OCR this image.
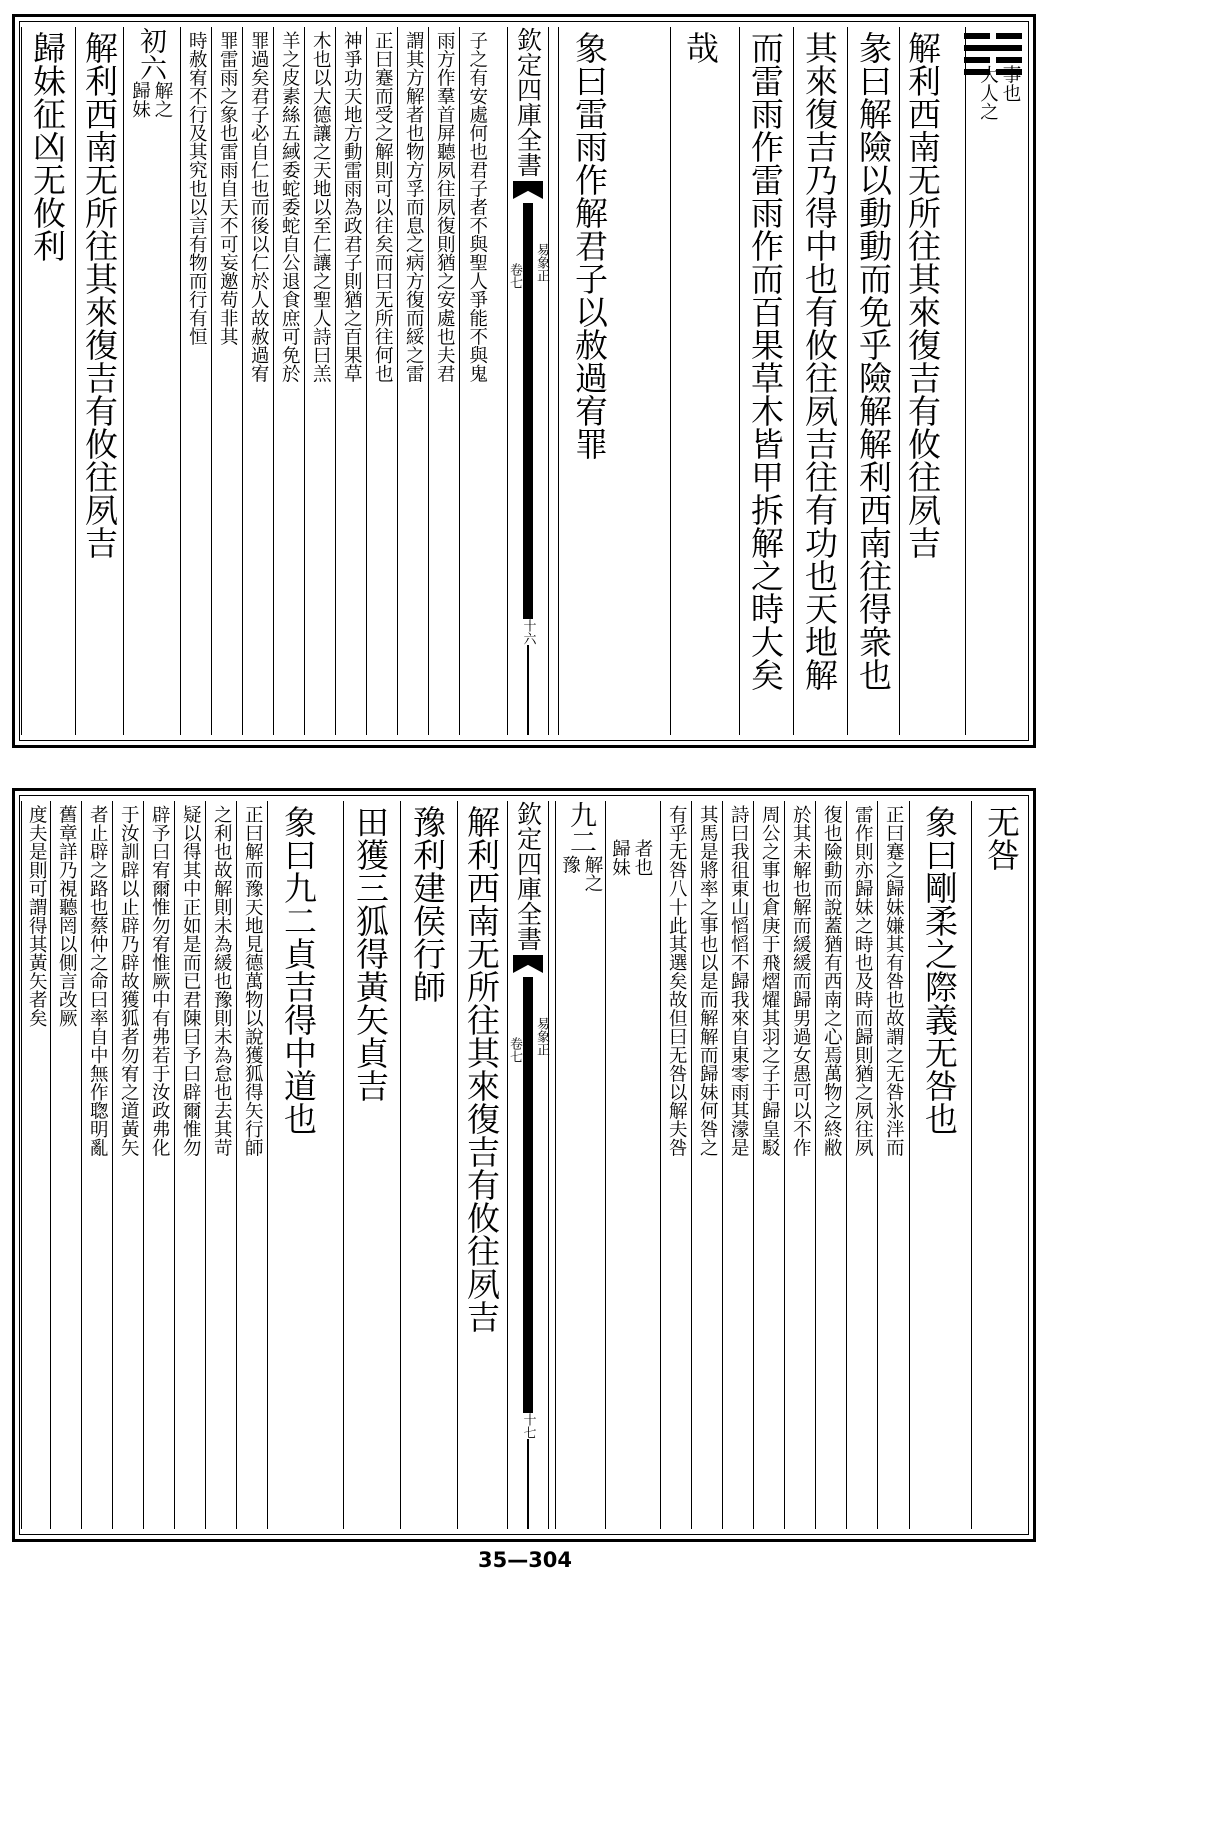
欽定四庫全書
卷七 易象正
十六
事也
大人之
解利西南无所往其來復吉有攸往夙吉
彖曰解險以動動而免乎險解解利西南往得衆也
其來復吉乃得中也有攸往夙吉往有功也天地解
而雷雨作雷雨作而百果草木皆甲拆解之時大矣
哉
象曰雷雨作解君子以赦過宥罪
子之有安處何也君子者不與聖人爭能不與鬼
雨方作羣首屏聽夙往夙復則猶之安處也夫君
謂其方解者也物方孚而息之病方復而綏之雷
正曰蹇而受之解則可以往矣而曰无所往何也
神爭功天地方動雷雨為政君子則猶之百果草
木也以大德讓之天地以至仁讓之聖人詩曰羔
羊之皮素絲五緎委蛇委蛇自公退食庶可免於
罪過矣君子必自仁也而後以仁於人故赦過宥
罪雷雨之象也雷雨自天不可妄邀苟非其
時赦宥不行及其究也以言有物而行有恒
初六
解之
歸妹
解利西南无所往其來復吉有攸往夙吉
歸妹征凶无攸利
欽定四庫全書
卷七 易象正
十七
无咎
象曰剛柔之際義无咎也
正曰蹇之歸妹嫌其有咎也故謂之无咎氷泮而
雷作則亦歸妹之時也及時而歸則猶之夙往夙
復也險動而說蓋猶有西南之心焉萬物之終敝
於其未解也解而緩緩而歸男過女愚可以不作
周公之事也倉庚于飛熠燿其羽之子于歸皇駁
詩曰我徂東山慆慆不歸我來自東零雨其濛是
其馬是將率之事也以是而解解而歸妹何咎之
有乎无咎八十此其選矣故但曰无咎以解夫咎
者也
歸妹
九二
解之
豫
解利西南无所往其來復吉有攸往夙吉
豫利建侯行師
田獲三狐得黃矢貞吉
象曰九二貞吉得中道也
正曰解而豫天地見德萬物以說獲狐得矢行師
之利也故解則未為緩也豫則未為怠也去其苛
疑以得其中正如是而已君陳曰予曰辟爾惟勿
辟予曰宥爾惟勿宥惟厥中有弗若于汝政弗化
于汝訓辟以止辟乃辟故獲狐者勿宥之道黃矢
者止辟之路也蔡仲之命曰率自中無作聦明亂
舊章詳乃視聽罔以側言改厥
度夫是則可謂得其黃矢者矣
35—304
